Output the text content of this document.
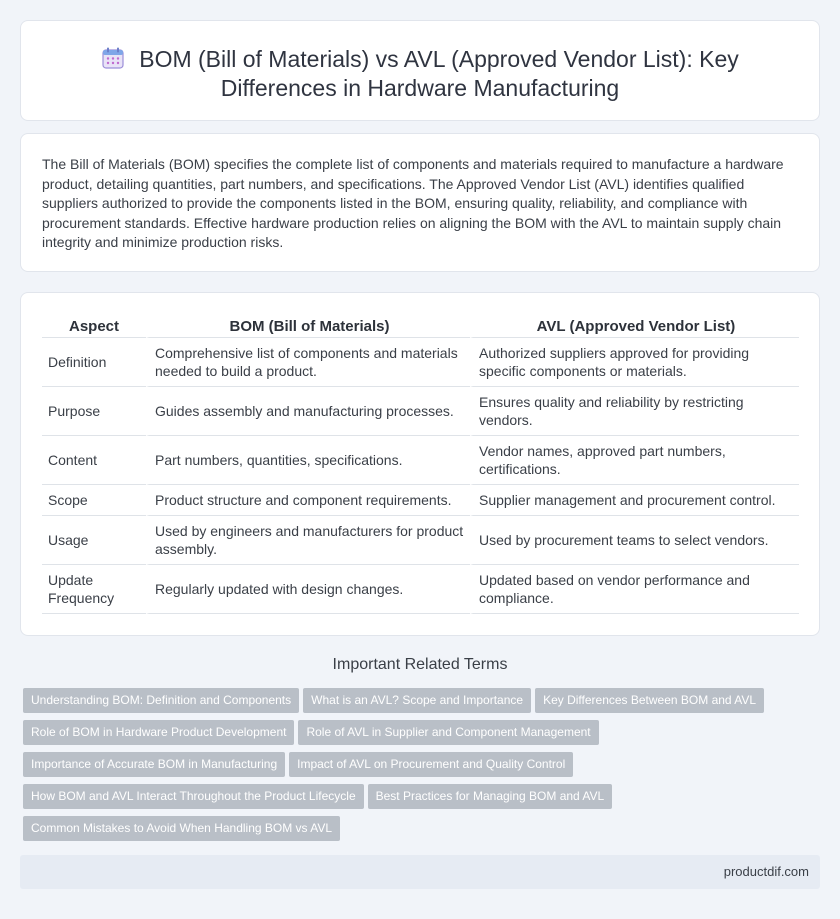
BOM (Bill of Materials) vs AVL (Approved Vendor List): Key
Differences in Hardware Manufacturing

The Bill of Materials (BOM) specifies the complete list of components and materials required to manufacture a hardware product, detailing quantities, part numbers, and specifications. The Approved Vendor List (AVL) identifies qualified suppliers authorized to provide the components listed in the BOM, ensuring quality, reliability, and compliance with procurement standards. Effective hardware production relies on aligning the BOM with the AVL to maintain supply chain integrity and minimize production risks.

Aspect	BOM (Bill of Materials)	AVL (Approved Vendor List)
Definition	Comprehensive list of components and materials needed to build a product.	Authorized suppliers approved for providing specific components or materials.
Purpose	Guides assembly and manufacturing processes.	Ensures quality and reliability by restricting vendors.
Content	Part numbers, quantities, specifications.	Vendor names, approved part numbers, certifications.
Scope	Product structure and component requirements.	Supplier management and procurement control.
Usage	Used by engineers and manufacturers for product assembly.	Used by procurement teams to select vendors.
Update Frequency	Regularly updated with design changes.	Updated based on vendor performance and compliance.
Important Related Terms
Understanding BOM: Definition and Components What is an AVL? Scope and Importance Key Differences Between BOM and AVL
Role of BOM in Hardware Product Development Role of AVL in Supplier and Component Management
Importance of Accurate BOM in Manufacturing Impact of AVL on Procurement and Quality Control
How BOM and AVL Interact Throughout the Product Lifecycle Best Practices for Managing BOM and AVL
Common Mistakes to Avoid When Handling BOM vs AVL
productdif.com
